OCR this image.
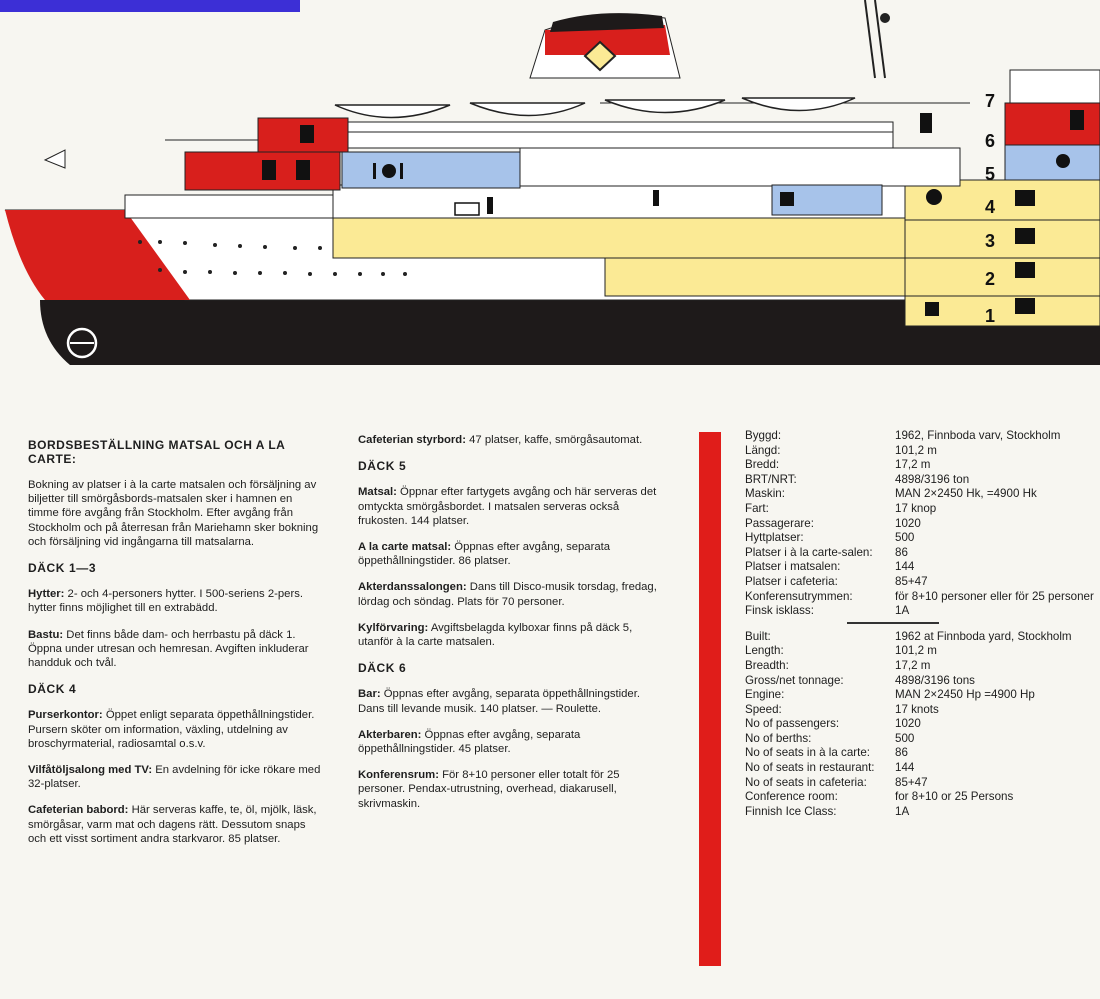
7
6
5
4
3
2
1
BORDSBESTÄLLNING MATSAL OCH A LA CARTE:

Bokning av platser i à la carte matsalen och försäljning av biljetter till smörgåsbords-matsalen sker i hamnen en timme före avgång från Stockholm. Efter avgång från Stockholm och på återresan från Mariehamn sker bokning och försäljning vid ingångarna till matsalarna.

DÄCK 1—3

Hytter: 2- och 4-personers hytter. I 500-seriens 2-pers. hytter finns möjlighet till en extrabädd.

Bastu: Det finns både dam- och herrbastu på däck 1. Öppna under utresan och hemresan. Avgiften inkluderar handduk och tvål.

DÄCK 4

Purserkontor: Öppet enligt separata öppethållningstider. Pursern sköter om information, växling, utdelning av broschyrmaterial, radiosamtal o.s.v.

Vilfåtöljsalong med TV: En avdelning för icke rökare med 32-platser.

Cafeterian babord: Här serveras kaffe, te, öl, mjölk, läsk, smörgåsar, varm mat och dagens rätt. Dessutom snaps och ett visst sortiment andra starkvaror. 85 platser.

Cafeterian styrbord: 47 platser, kaffe, smörgåsautomat.

DÄCK 5

Matsal: Öppnar efter fartygets avgång och här serveras det omtyckta smörgåsbordet. I matsalen serveras också frukosten. 144 platser.

A la carte matsal: Öppnas efter avgång, separata öppethållningstider. 86 platser.

Akterdanssalongen: Dans till Disco-musik torsdag, fredag, lördag och söndag. Plats för 70 personer.

Kylförvaring: Avgiftsbelagda kylboxar finns på däck 5, utanför à la carte matsalen.

DÄCK 6

Bar: Öppnas efter avgång, separata öppethållningstider. Dans till levande musik. 140 platser. — Roulette.

Akterbaren: Öppnas efter avgång, separata öppethållningstider. 45 platser.

Konferensrum: För 8+10 personer eller totalt för 25 personer. Pendax-utrustning, overhead, diakarusell, skrivmaskin.

Byggd:	1962, Finnboda varv, Stockholm
Längd:	101,2 m
Bredd:	17,2 m
BRT/NRT:	4898/3196 ton
Maskin:	MAN 2×2450 Hk, =4900 Hk
Fart:	17 knop
Passagerare:	1020
Hyttplatser:	500
Platser i à la carte-salen:	86
Platser i matsalen:	144
Platser i cafeteria:	85+47
Konferensutrymmen:	för 8+10 personer eller för 25 personer
Finsk isklass:	1A
Built:	1962 at Finnboda yard, Stockholm
Length:	101,2 m
Breadth:	17,2 m
Gross/net tonnage:	4898/3196 tons
Engine:	MAN 2×2450 Hp =4900 Hp
Speed:	17 knots
No of passengers:	1020
No of berths:	500
No of seats in à la carte:	86
No of seats in restaurant:	144
No of seats in cafeteria:	85+47
Conference room:	for 8+10 or 25 Persons
Finnish Ice Class:	1A
